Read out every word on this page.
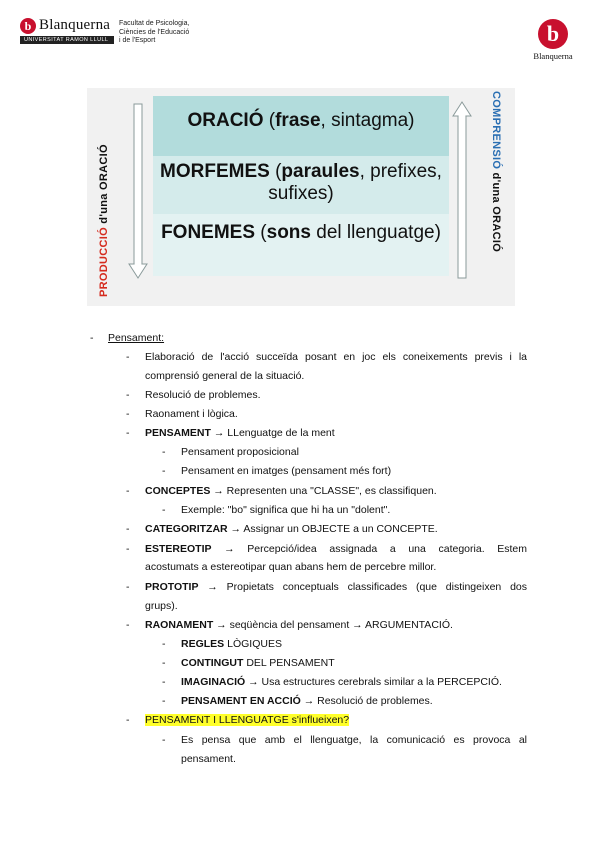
b Blanquerna
UNIVERSITAT RAMON LLULL
Facultat de Psicologia,
Ciències de l'Educació
i de l'Esport	b
Blanquerna
PRODUCCIÓ d'una ORACIÓ
COMPRENSIÓ d'una ORACIÓ
ORACIÓ (frase, sintagma)
MORFEMES (paraules, prefixes,
sufixes)
FONEMES (sons del llenguatge)
- Pensament:
- Elaboració de l'acció succeïda posant en joc els coneixements previs i la
comprensió general de la situació.
- Resolució de problemes.
- Raonament i lògica.
- PENSAMENT → LLenguatge de la ment
- Pensament proposicional
- Pensament en imatges (pensament més fort)
- CONCEPTES → Representen una "CLASSE", es classifiquen.
- Exemple: "bo" significa que hi ha un "dolent".
- CATEGORITZAR → Assignar un OBJECTE a un CONCEPTE.
- ESTEREOTIP → Percepció/idea assignada a una categoria. Estem
acostumats a estereotipar quan abans hem de percebre millor.
- PROTOTIP → Propietats conceptuals classificades (que distingeixen dos
grups).
- RAONAMENT → seqüència del pensament → ARGUMENTACIÓ.
- REGLES LÒGIQUES
- CONTINGUT DEL PENSAMENT
- IMAGINACIÓ → Usa estructures cerebrals similar a la PERCEPCIÓ.
- PENSAMENT EN ACCIÓ → Resolució de problemes.
- PENSAMENT I LLENGUATGE s'influeixen?
- Es pensa que amb el llenguatge, la comunicació es provoca al
pensament.
